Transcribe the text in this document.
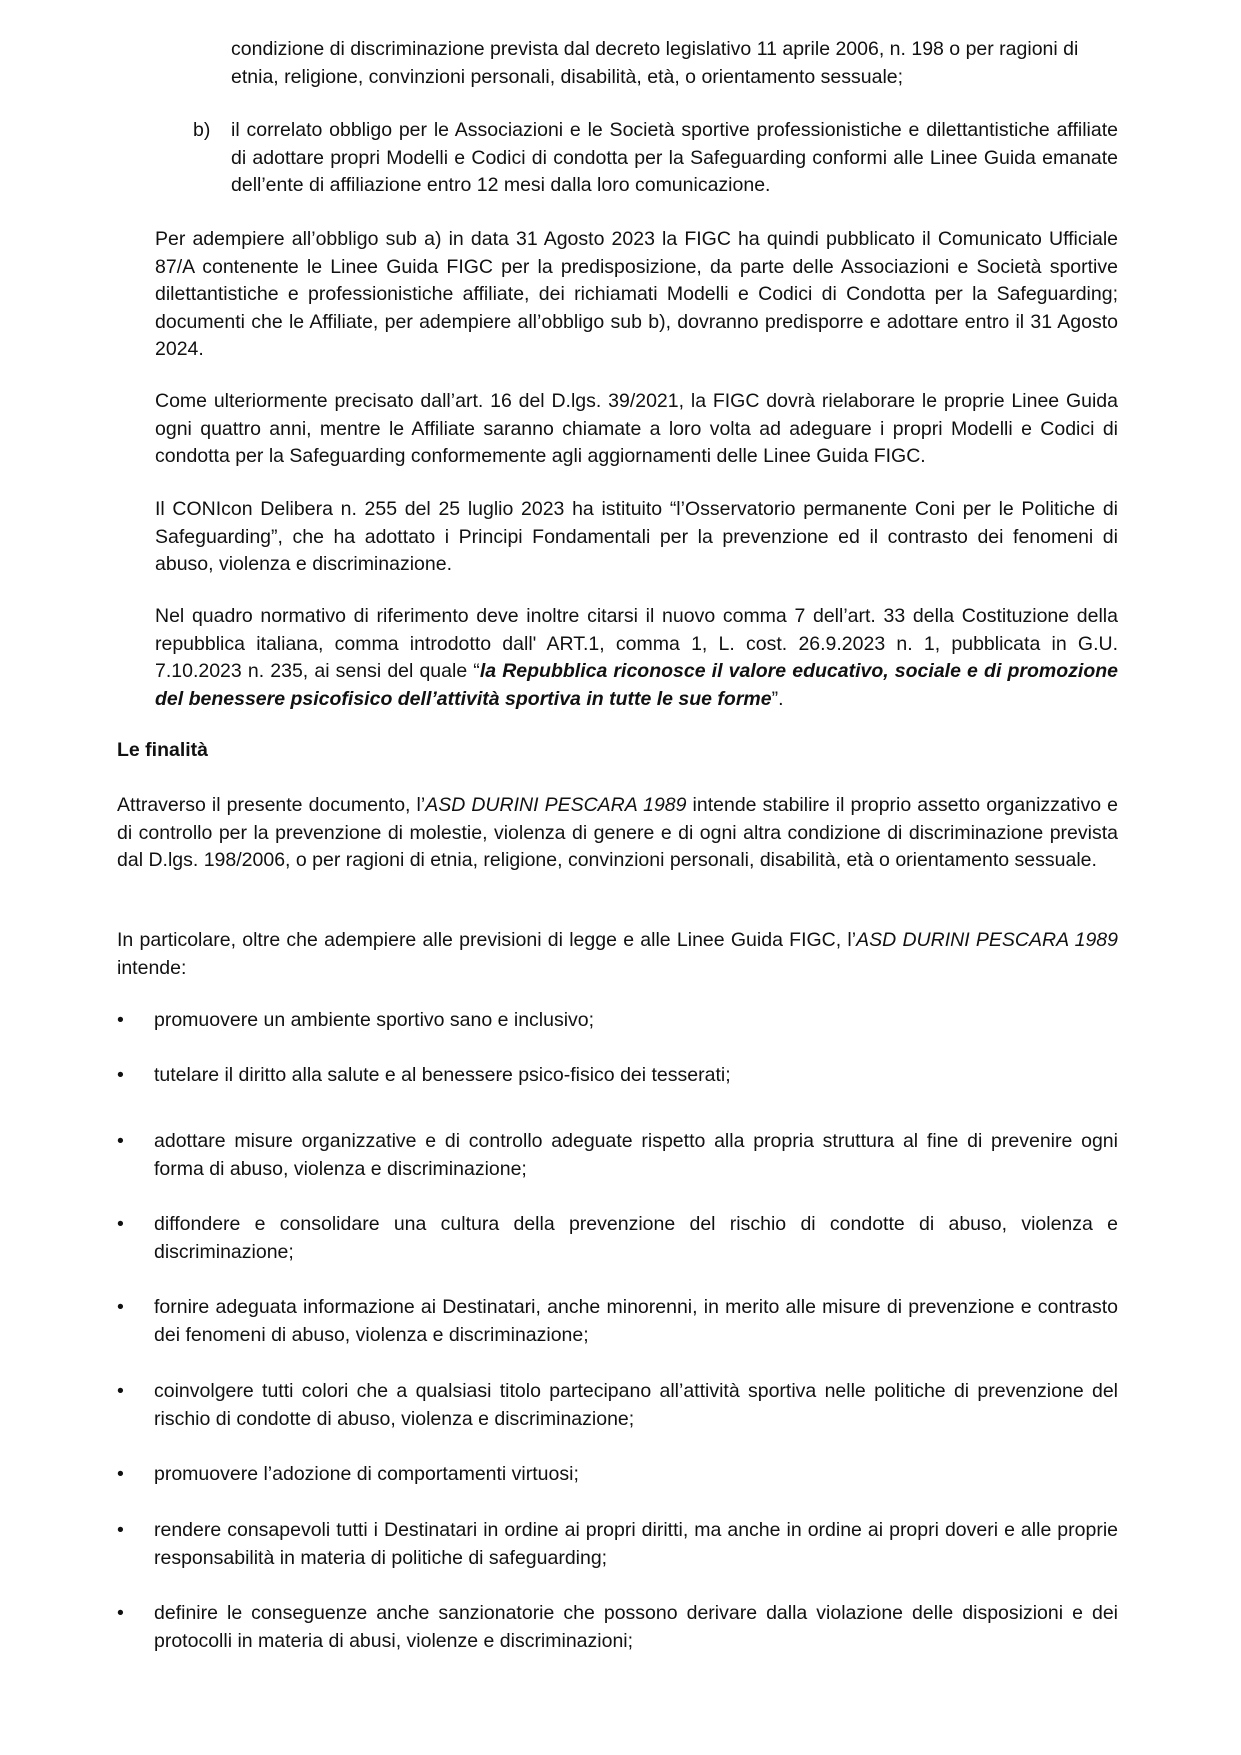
condizione di discriminazione prevista dal decreto legislativo 11 aprile 2006, n. 198 o per ragioni di etnia, religione, convinzioni personali, disabilità, età, o orientamento sessuale;

b) il correlato obbligo per le Associazioni e le Società sportive professionistiche e dilettantistiche affiliate di adottare propri Modelli e Codici di condotta per la Safeguarding conformi alle Linee Guida emanate dell’ente di affiliazione entro 12 mesi dalla loro comunicazione.

Per adempiere all’obbligo sub a) in data 31 Agosto 2023 la FIGC ha quindi pubblicato il Comunicato Ufficiale 87/A contenente le Linee Guida FIGC per la predisposizione, da parte delle Associazioni e Società sportive dilettantistiche e professionistiche affiliate, dei richiamati Modelli e Codici di Condotta per la Safeguarding; documenti che le Affiliate, per adempiere all’obbligo sub b), dovranno predisporre e adottare entro il 31 Agosto 2024.

Come ulteriormente precisato dall’art. 16 del D.lgs. 39/2021, la FIGC dovrà rielaborare le proprie Linee Guida ogni quattro anni, mentre le Affiliate saranno chiamate a loro volta ad adeguare i propri Modelli e Codici di condotta per la Safeguarding conformemente agli aggiornamenti delle Linee Guida FIGC.

Il CONIcon Delibera n. 255 del 25 luglio 2023 ha istituito “l’Osservatorio permanente Coni per le Politiche di Safeguarding”, che ha adottato i Principi Fondamentali per la prevenzione ed il contrasto dei fenomeni di abuso, violenza e discriminazione.

Nel quadro normativo di riferimento deve inoltre citarsi il nuovo comma 7 dell’art. 33 della Costituzione della repubblica italiana, comma introdotto dall' ART.1, comma 1, L. cost. 26.9.2023 n. 1, pubblicata in G.U. 7.10.2023 n. 235, ai sensi del quale “la Repubblica riconosce il valore educativo, sociale e di promozione del benessere psicofisico dell’attività sportiva in tutte le sue forme”.

Le finalità

Attraverso il presente documento, l’ASD DURINI PESCARA 1989 intende stabilire il proprio assetto organizzativo e di controllo per la prevenzione di molestie, violenza di genere e di ogni altra condizione di discriminazione prevista dal D.lgs. 198/2006, o per ragioni di etnia, religione, convinzioni personali, disabilità, età o orientamento sessuale.

In particolare, oltre che adempiere alle previsioni di legge e alle Linee Guida FIGC, l’ASD DURINI PESCARA 1989 intende:

•	promuovere un ambiente sportivo sano e inclusivo;

•	tutelare il diritto alla salute e al benessere psico-fisico dei tesserati;

•	adottare misure organizzative e di controllo adeguate rispetto alla propria struttura al fine di prevenire ogni forma di abuso, violenza e discriminazione;

•	diffondere e consolidare una cultura della prevenzione del rischio di condotte di abuso, violenza e discriminazione;

•	fornire adeguata informazione ai Destinatari, anche minorenni, in merito alle misure di prevenzione e contrasto dei fenomeni di abuso, violenza e discriminazione;

•	coinvolgere tutti colori che a qualsiasi titolo partecipano all’attività sportiva nelle politiche di prevenzione del rischio di condotte di abuso, violenza e discriminazione;

•	promuovere l’adozione di comportamenti virtuosi;

•	rendere consapevoli tutti i Destinatari in ordine ai propri diritti, ma anche in ordine ai propri doveri e alle proprie responsabilità in materia di politiche di safeguarding;

•	definire le conseguenze anche sanzionatorie che possono derivare dalla violazione delle disposizioni e dei protocolli in materia di abusi, violenze e discriminazioni;
